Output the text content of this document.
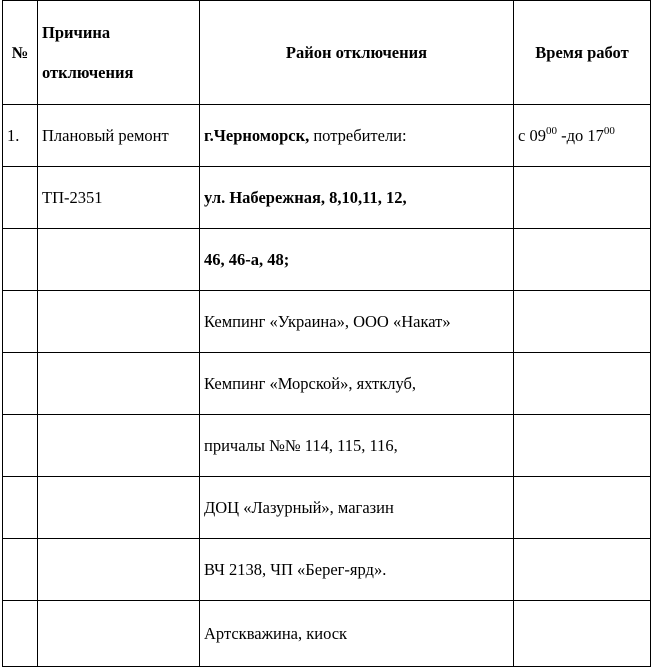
№	Причина отключения	Район отключения	Время работ
1.	Плановый ремонт	г.Черноморск, потребители:	с $09^{00}$ -до $17^{00}$
	ТП-2351	ул. Набережная, 8,10,11, 12,	
		46, 46-а, 48;	
		Кемпинг «Украина», ООО «Накат»	
		Кемпинг «Морской», яхтклуб,	
		причалы №№ 114, 115, 116,	
		ДОЦ «Лазурный», магазин	
		ВЧ 2138, ЧП «Берег-ярд».	
		Артскважина, киоск	
